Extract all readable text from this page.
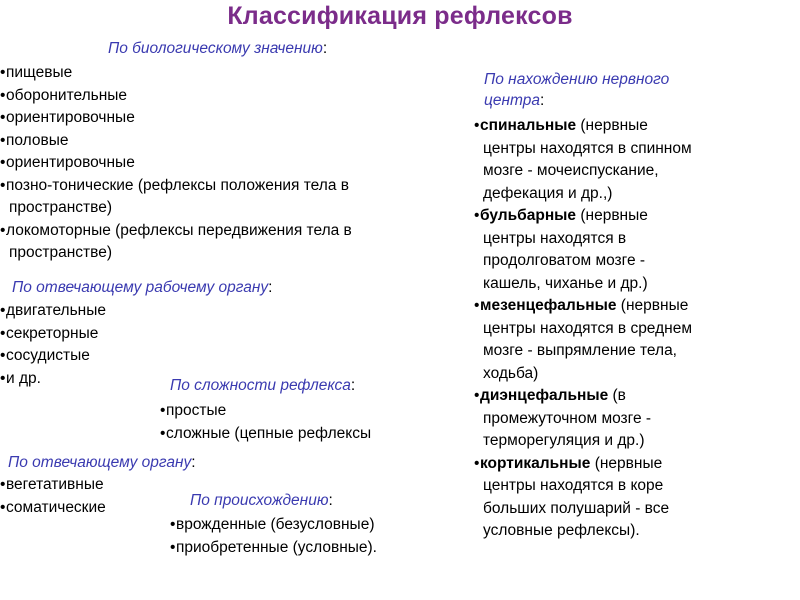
Классификация рефлексов
По биологическому значению:
• пищевые
• оборонительные
• ориентировочные
• половые
• ориентировочные
• позно-тонические (рефлексы положения тела в
пространстве)
• локомоторные (рефлексы передвижения тела в
пространстве)
По отвечающему рабочему органу:
• двигательные
• секреторные
• сосудистые
• и др.	По сложности рефлекса:
• простые
• сложные (цепные рефлексы
По отвечающему органу:
• вегетативные
• соматические	По происхождению:
• врожденные (безусловные)
• приобретенные (условные).
По нахождению нервного
центра:
• спинальные (нервные
центры находятся в спинном
мозге - мочеиспускание,
дефекация и др.,)
• бульбарные (нервные
центры находятся в
продолговатом мозге -
кашель, чиханье и др.)
• мезенцефальные (нервные
центры находятся в среднем
мозге - выпрямление тела,
ходьба)
• диэнцефальные (в
промежуточном мозге -
терморегуляция и др.)
• кортикальные (нервные
центры находятся в коре
больших полушарий - все
условные рефлексы).
